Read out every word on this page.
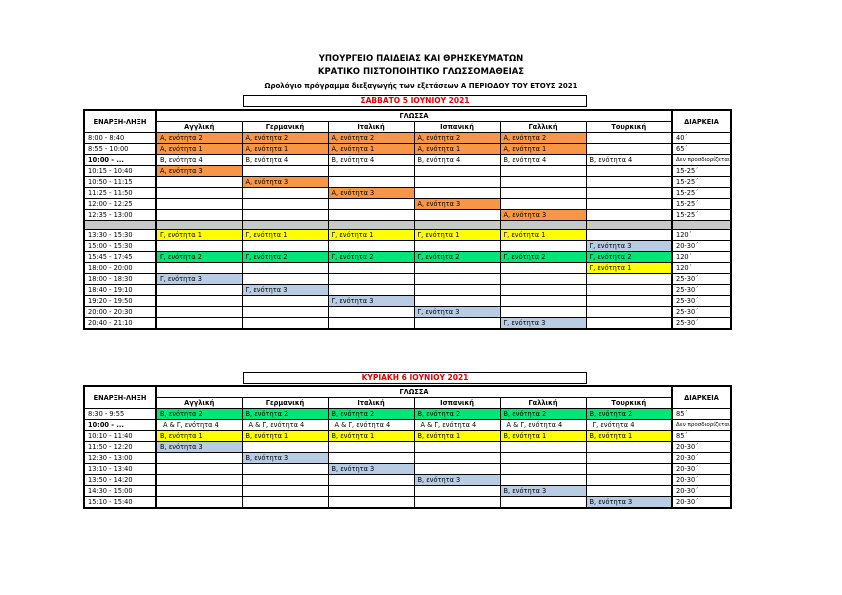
ΥΠΟΥΡΓΕΙΟ ΠΑΙΔΕΙΑΣ ΚΑΙ ΘΡΗΣΚΕΥΜΑΤΩΝ
ΚΡΑΤΙΚΟ ΠΙΣΤΟΠΟΙΗΤΙΚΟ ΓΛΩΣΣΟΜΑΘΕΙΑΣ
Ωρολόγιο πρόγραμμα διεξαγωγής των εξετάσεων Α ΠΕΡΙΟΔΟΥ ΤΟΥ ΕΤΟΥΣ 2021
ΣΑΒΒΑΤΟ 5 ΙΟΥΝΙΟΥ 2021
ΕΝΑΡΞΗ-ΛΗΞΗ	ΓΛΩΣΣΑ						ΔΙΑΡΚΕΙΑ
	Αγγλική	Γερμανική	Ιταλική	Ισπανική	Γαλλική	Τουρκική	
8:00 - 8:40	Α, ενότητα 2	Α, ενότητα 2	Α, ενότητα 2	Α, ενότητα 2	Α, ενότητα 2		40΄
8:55 - 10:00	Α, ενότητα 1	Α, ενότητα 1	Α, ενότητα 1	Α, ενότητα 1	Α, ενότητα 1		65΄
10:00 - ...	Β, ενότητα 4	Β, ενότητα 4	Β, ενότητα 4	Β, ενότητα 4	Β, ενότητα 4	Β, ενότητα 4	Δεν προσδιορίζεται
10:15 - 10:40	Α, ενότητα 3						15-25΄
10:50 - 11:15		Α, ενότητα 3					15-25΄
11:25 - 11:50			Α, ενότητα 3				15-25΄
12:00 - 12:25				Α, ενότητα 3			15-25΄
12:35 - 13:00					Α, ενότητα 3		15-25΄

13:30 - 15:30	Γ, ενότητα 1	Γ, ενότητα 1	Γ, ενότητα 1	Γ, ενότητα 1	Γ, ενότητα 1		120΄
15:00 - 15:30						Γ, ενότητα 3	20-30΄
15:45 - 17:45	Γ, ενότητα 2	Γ, ενότητα 2	Γ, ενότητα 2	Γ, ενότητα 2	Γ, ενότητα 2	Γ, ενότητα 2	120΄
18:00 - 20:00						Γ, ενότητα 1	120΄
18:00 - 18:30	Γ, ενότητα 3						25-30΄
18:40 - 19:10		Γ, ενότητα 3					25-30΄
19:20 - 19:50			Γ, ενότητα 3				25-30΄
20:00 - 20:30				Γ, ενότητα 3			25-30΄
20:40 - 21:10					Γ, ενότητα 3		25-30΄
ΚΥΡΙΑΚΗ 6 ΙΟΥΝΙΟΥ 2021
ΕΝΑΡΞΗ-ΛΗΞΗ	ΓΛΩΣΣΑ						ΔΙΑΡΚΕΙΑ
	Αγγλική	Γερμανική	Ιταλική	Ισπανική	Γαλλική	Τουρκική	
8:30 - 9:55	Β, ενότητα 2	Β, ενότητα 2	Β, ενότητα 2	Β, ενότητα 2	Β, ενότητα 2	Β, ενότητα 2	85΄
10:00 - ...	Α & Γ, ενότητα 4	Α & Γ, ενότητα 4	Α & Γ, ενότητα 4	Α & Γ, ενότητα 4	Α & Γ, ενότητα 4	Γ, ενότητα 4	Δεν προσδιορίζεται
10:10 - 11:40	Β, ενότητα 1	Β, ενότητα 1	Β, ενότητα 1	Β, ενότητα 1	Β, ενότητα 1	Β, ενότητα 1	85΄
11:50 - 12:20	Β, ενότητα 3						20-30΄
12:30 - 13:00		Β, ενότητα 3					20-30΄
13:10 - 13:40			Β, ενότητα 3				20-30΄
13:50 - 14:20				Β, ενότητα 3			20-30΄
14:30 - 15:00					Β, ενότητα 3		20-30΄
15:10 - 15:40						Β, ενότητα 3	20-30΄
